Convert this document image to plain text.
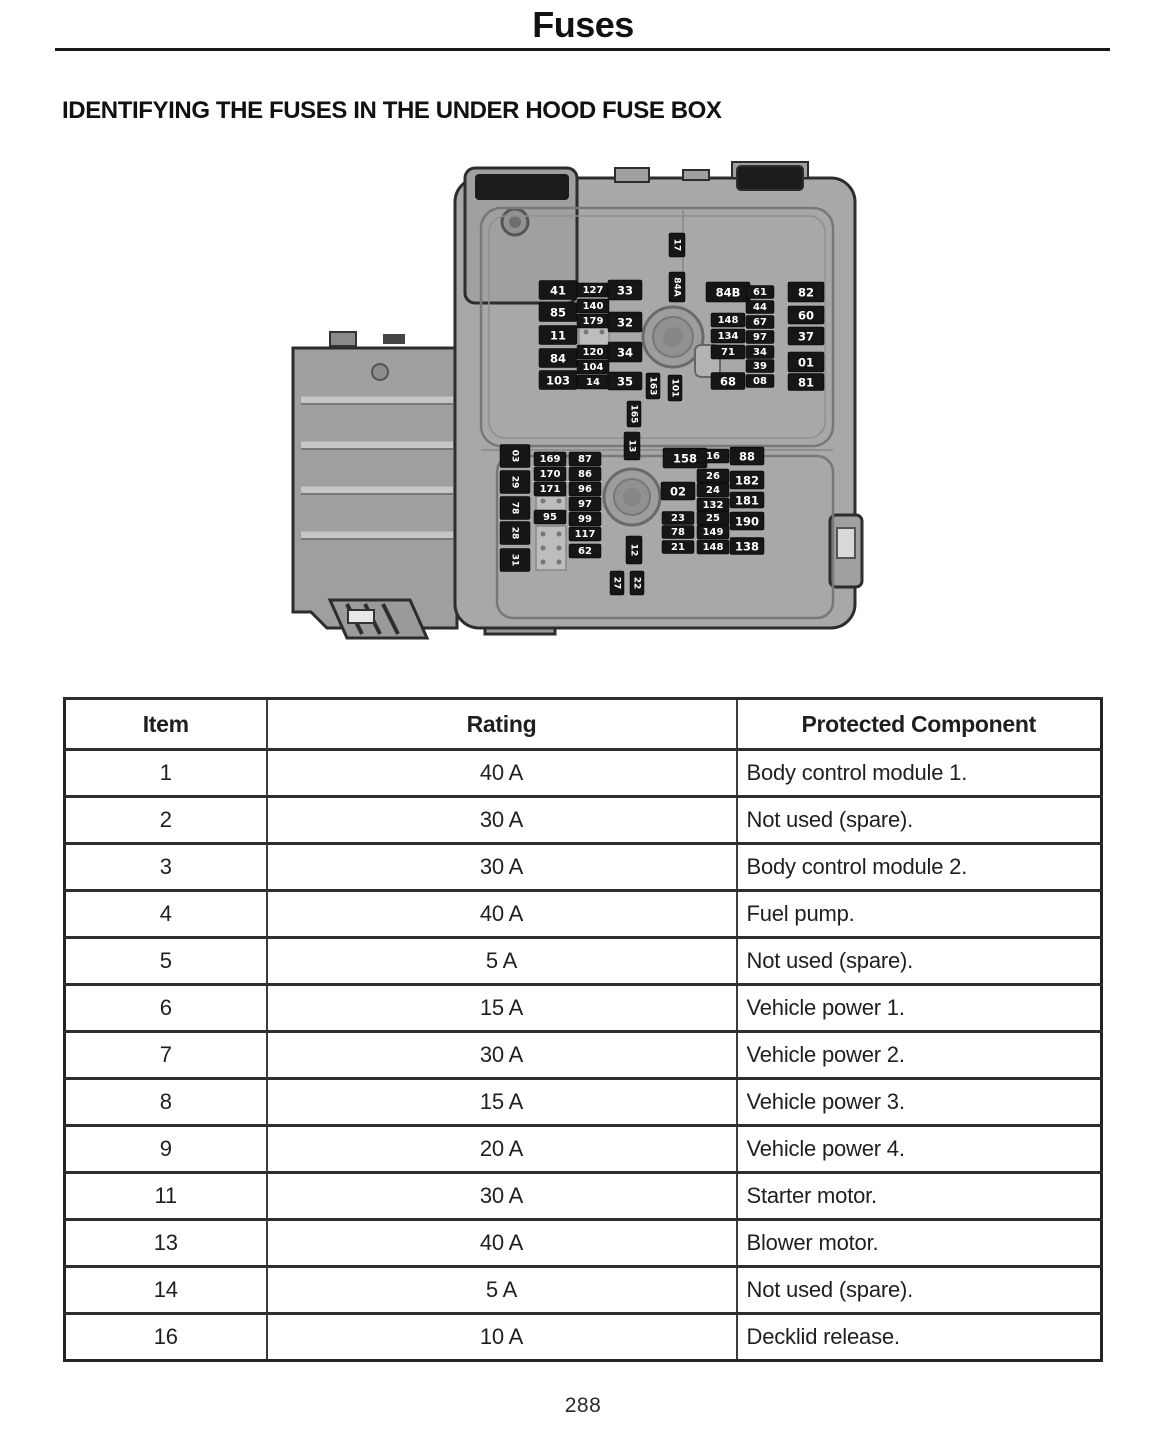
Fuses
IDENTIFYING THE FUSES IN THE UNDER HOOD FUSE BOX
41
85
11
84
103
127
140
179
120
104
14
33
32
34
35
17
84A	84B
148
134
71
68
61
44
67
97
34
39
08
82
60
37
01
81
163 101
165
13
12
27 22
03
29
78
28
31
169
170
171
95
87
86
96
97
99
117
62
158
02
23
78
21
16
26
24
132
25
149
148
88
182
181
190
138
Item	Rating	Protected Component
1	40 A	Body control module 1.
2	30 A	Not used (spare).
3	30 A	Body control module 2.
4	40 A	Fuel pump.
5	5 A	Not used (spare).
6	15 A	Vehicle power 1.
7	30 A	Vehicle power 2.
8	15 A	Vehicle power 3.
9	20 A	Vehicle power 4.
11	30 A	Starter motor.
13	40 A	Blower motor.
14	5 A	Not used (spare).
16	10 A	Decklid release.
288
